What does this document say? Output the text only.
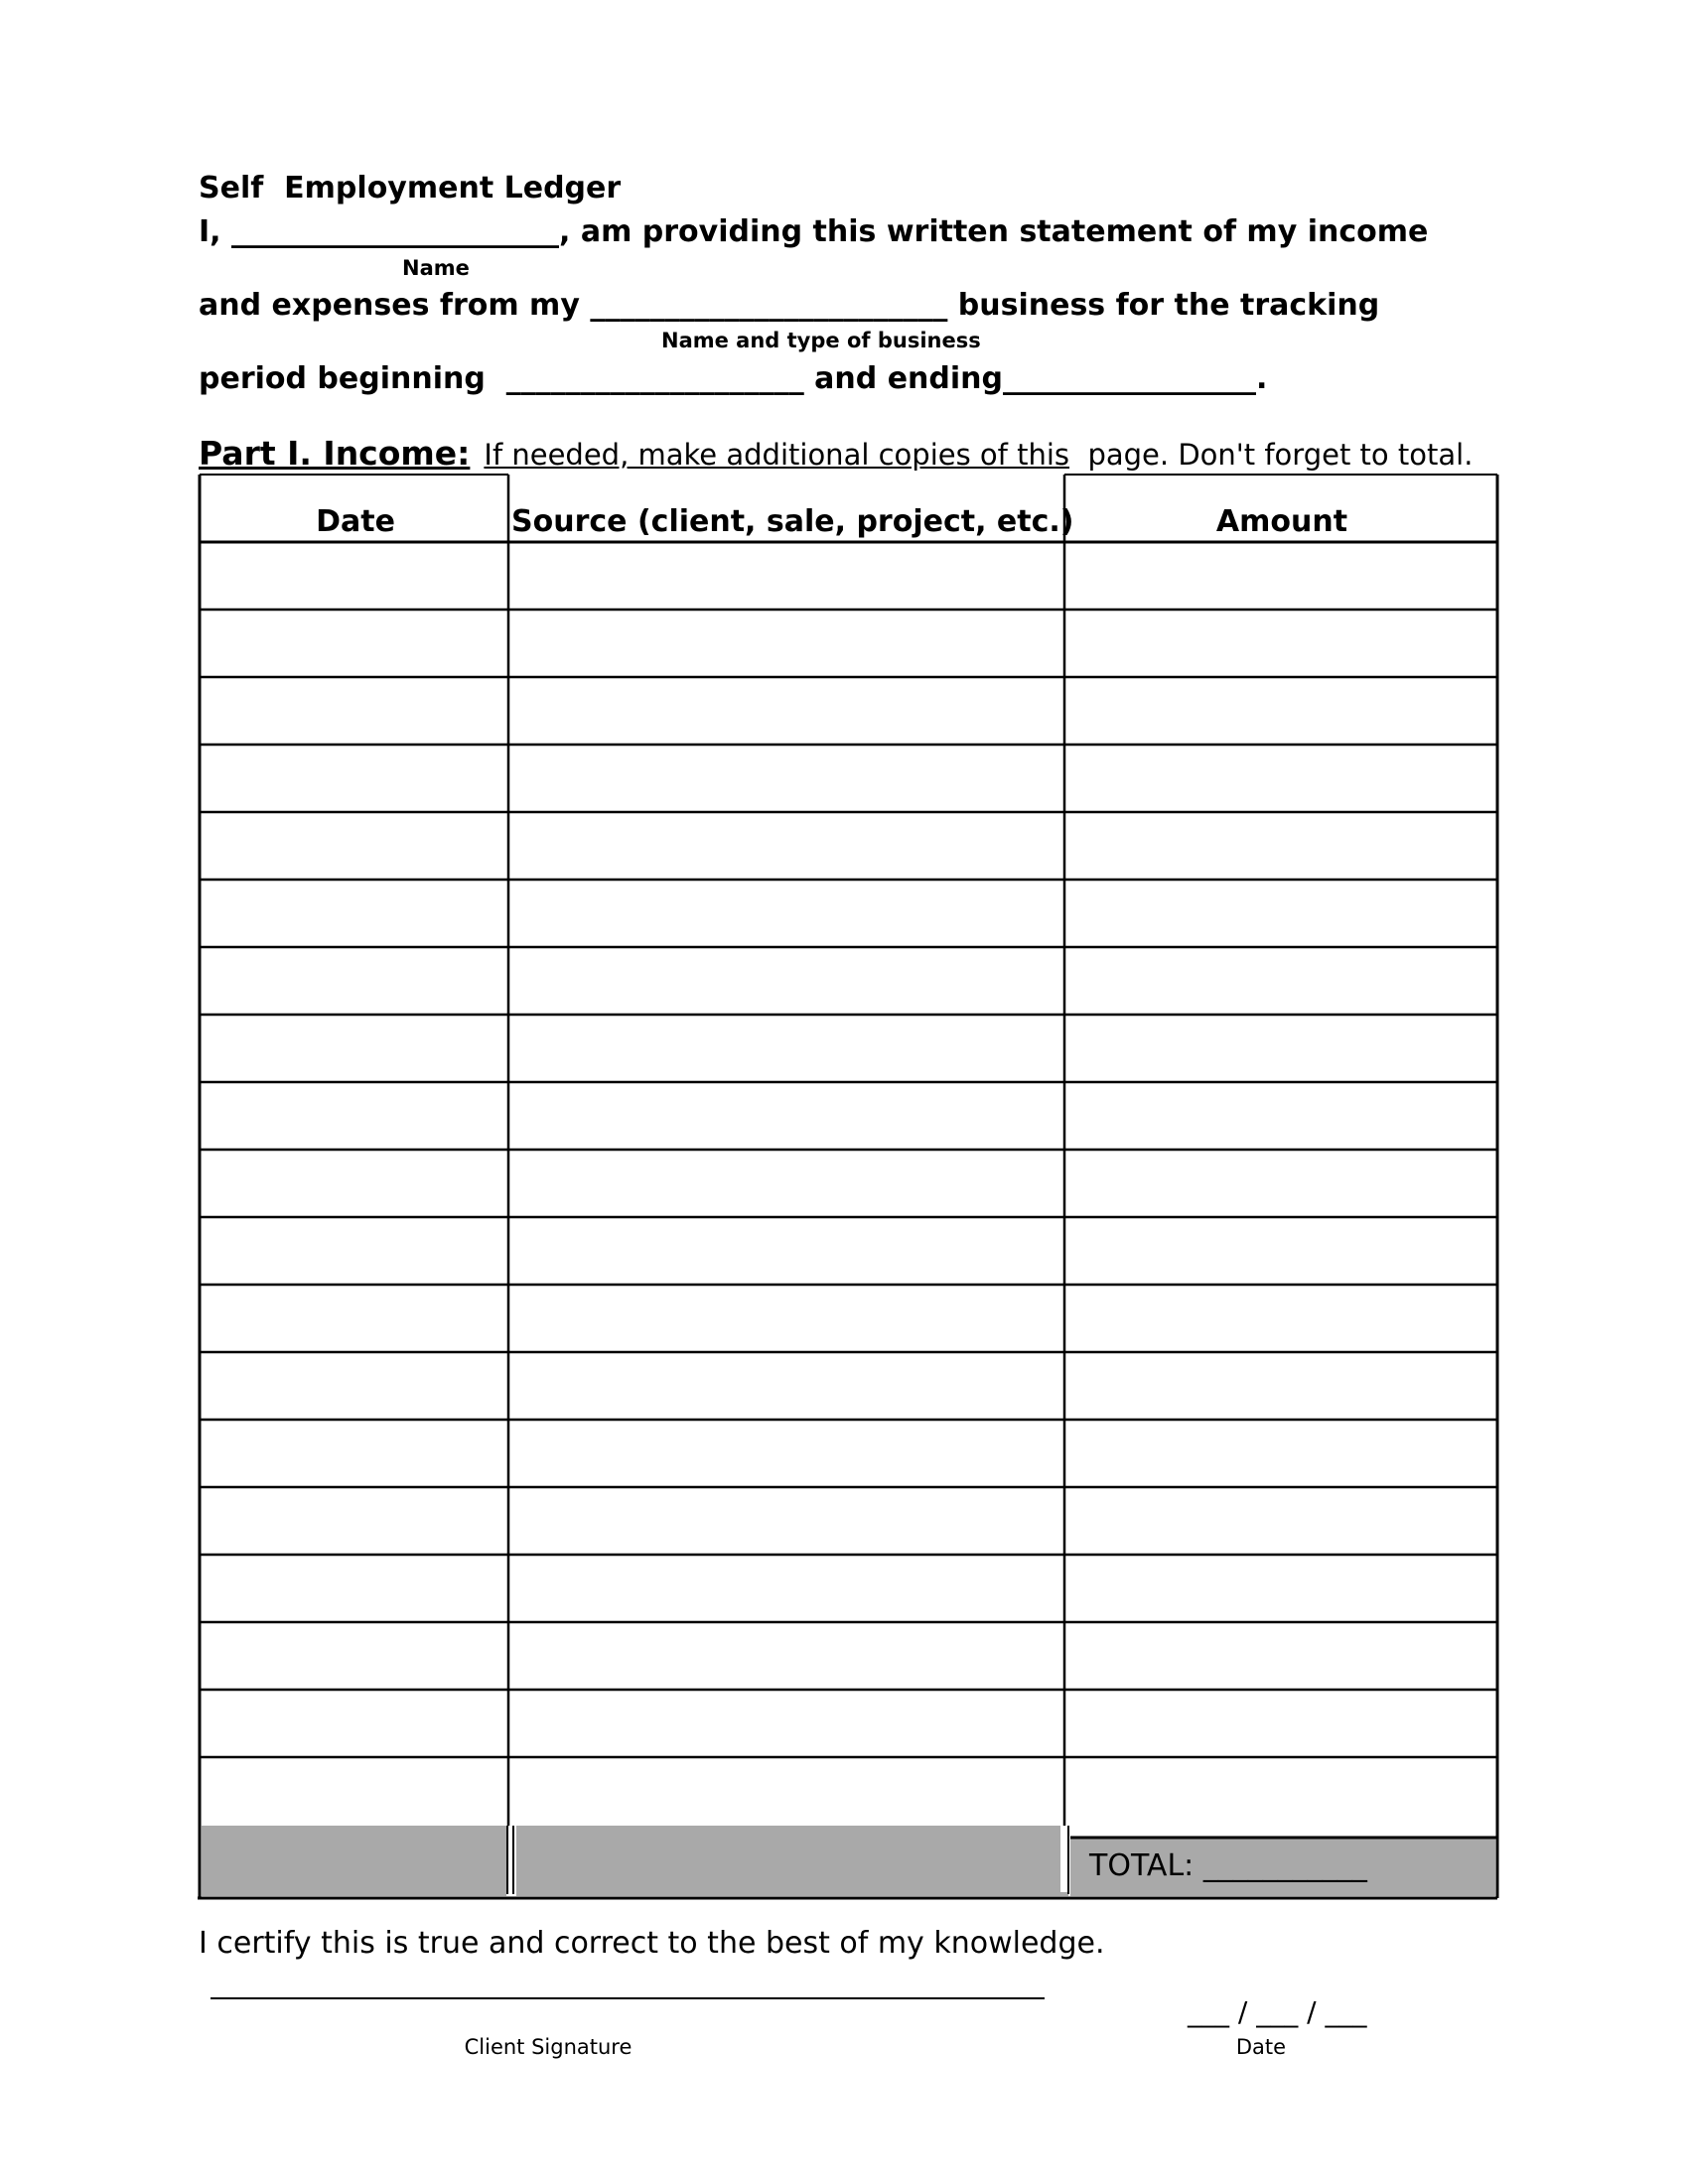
Self  Employment Ledger
I, ______________________, am providing this written statement of my income
Name
and expenses from my ________________________ business for the tracking
Name and type of business
period beginning  ____________________ and ending_________________.
Part I. Income: If needed, make additional copies of this  page. Don't forget to total.
Date	Source (client, sale, project, etc.)	Amount
TOTAL: ___________
I certify this is true and correct to the best of my knowledge.
Client Signature
___ / ___ / ___
Date
